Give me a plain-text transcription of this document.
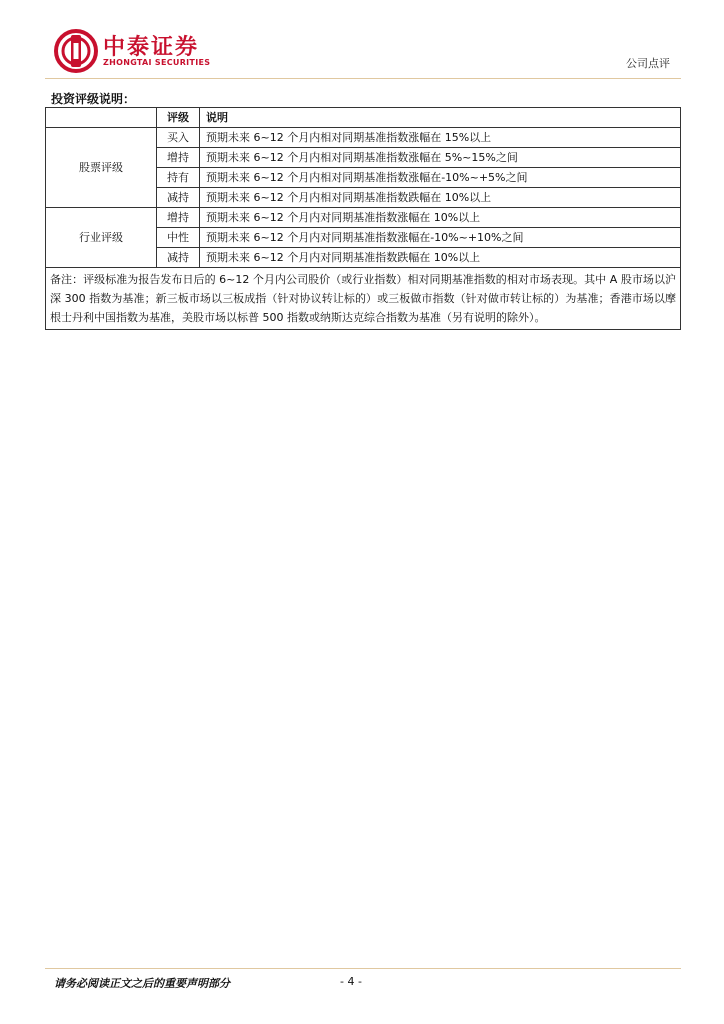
中泰证券
ZHONGTAI SECURITIES	公司点评
投资评级说明：
	评级	说明
股票评级	买入	预期未来 6~12 个月内相对同期基准指数涨幅在 15%以上
	增持	预期未来 6~12 个月内相对同期基准指数涨幅在 5%~15%之间
	持有	预期未来 6~12 个月内相对同期基准指数涨幅在-10%~+5%之间
	减持	预期未来 6~12 个月内相对同期基准指数跌幅在 10%以上
行业评级	增持	预期未来 6~12 个月内对同期基准指数涨幅在 10%以上
	中性	预期未来 6~12 个月内对同期基准指数涨幅在-10%~+10%之间
	减持	预期未来 6~12 个月内对同期基准指数跌幅在 10%以上
备注：评级标准为报告发布日后的 6~12 个月内公司股价（或行业指数）相对同期基准指数的相对市场表现。其中 A 股市场以沪深 300 指数为基准；新三板市场以三板成指（针对协议转让标的）或三板做市指数（针对做市转让标的）为基准；香港市场以摩根士丹利中国指数为基准，美股市场以标普 500 指数或纳斯达克综合指数为基准（另有说明的除外）。		
请务必阅读正文之后的重要声明部分	- 4 -
